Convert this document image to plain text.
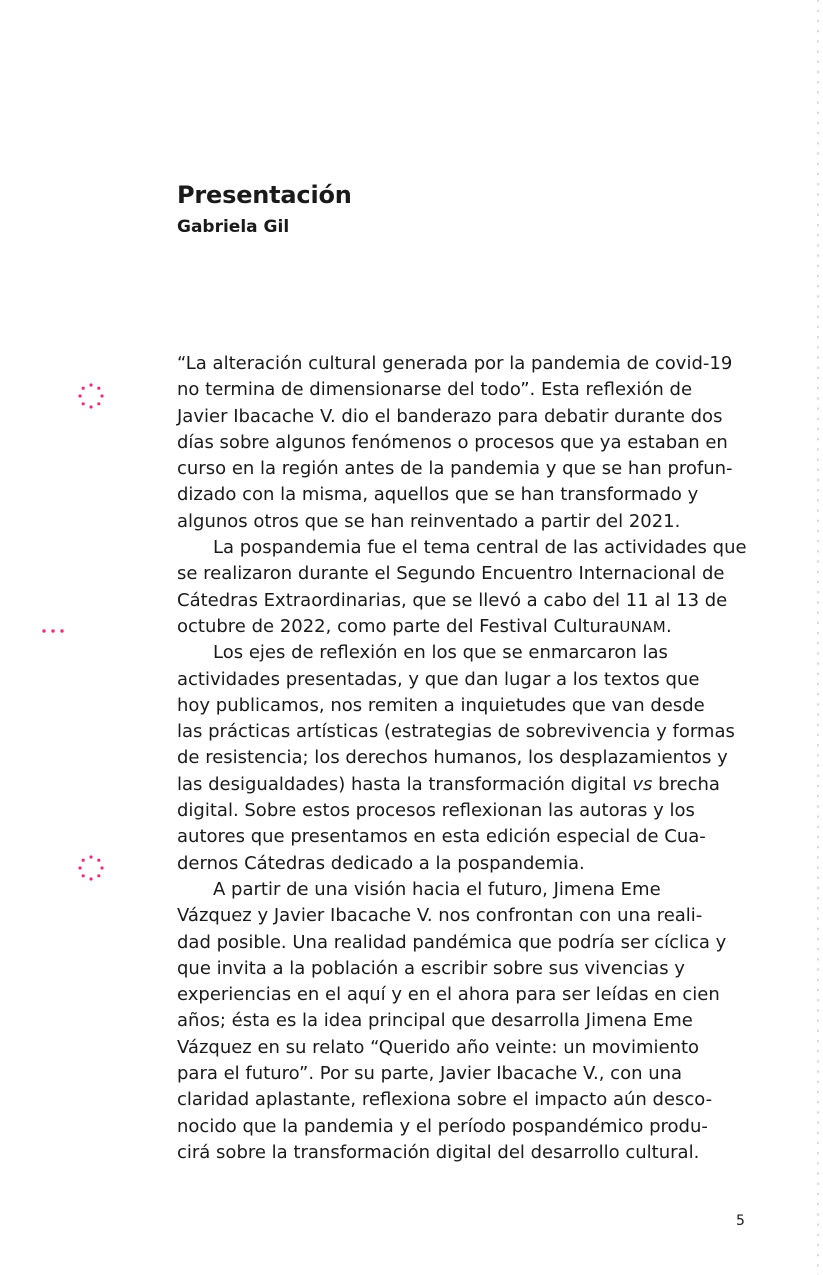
Presentación
Gabriela Gil

“La alteración cultural generada por la pandemia de covid-19
no termina de dimensionarse del todo”. Esta reflexión de
Javier Ibacache V. dio el banderazo para debatir durante dos
días sobre algunos fenómenos o procesos que ya estaban en
curso en la región antes de la pandemia y que se han profun-
dizado con la misma, aquellos que se han transformado y
algunos otros que se han reinventado a partir del 2021.

La pospandemia fue el tema central de las actividades que
se realizaron durante el Segundo Encuentro Internacional de
Cátedras Extraordinarias, que se llevó a cabo del 11 al 13 de
octubre de 2022, como parte del Festival CulturaUNAM.

Los ejes de reflexión en los que se enmarcaron las
actividades presentadas, y que dan lugar a los textos que
hoy publicamos, nos remiten a inquietudes que van desde
las prácticas artísticas (estrategias de sobrevivencia y formas
de resistencia; los derechos humanos, los desplazamientos y
las desigualdades) hasta la transformación digital vs brecha
digital. Sobre estos procesos reflexionan las autoras y los
autores que presentamos en esta edición especial de Cua-
dernos Cátedras dedicado a la pospandemia.

A partir de una visión hacia el futuro, Jimena Eme
Vázquez y Javier Ibacache V. nos confrontan con una reali-
dad posible. Una realidad pandémica que podría ser cíclica y
que invita a la población a escribir sobre sus vivencias y
experiencias en el aquí y en el ahora para ser leídas en cien
años; ésta es la idea principal que desarrolla Jimena Eme
Vázquez en su relato “Querido año veinte: un movimiento
para el futuro”. Por su parte, Javier Ibacache V., con una
claridad aplastante, reflexiona sobre el impacto aún desco-
nocido que la pandemia y el período pospandémico produ-
cirá sobre la transformación digital del desarrollo cultural.

5
